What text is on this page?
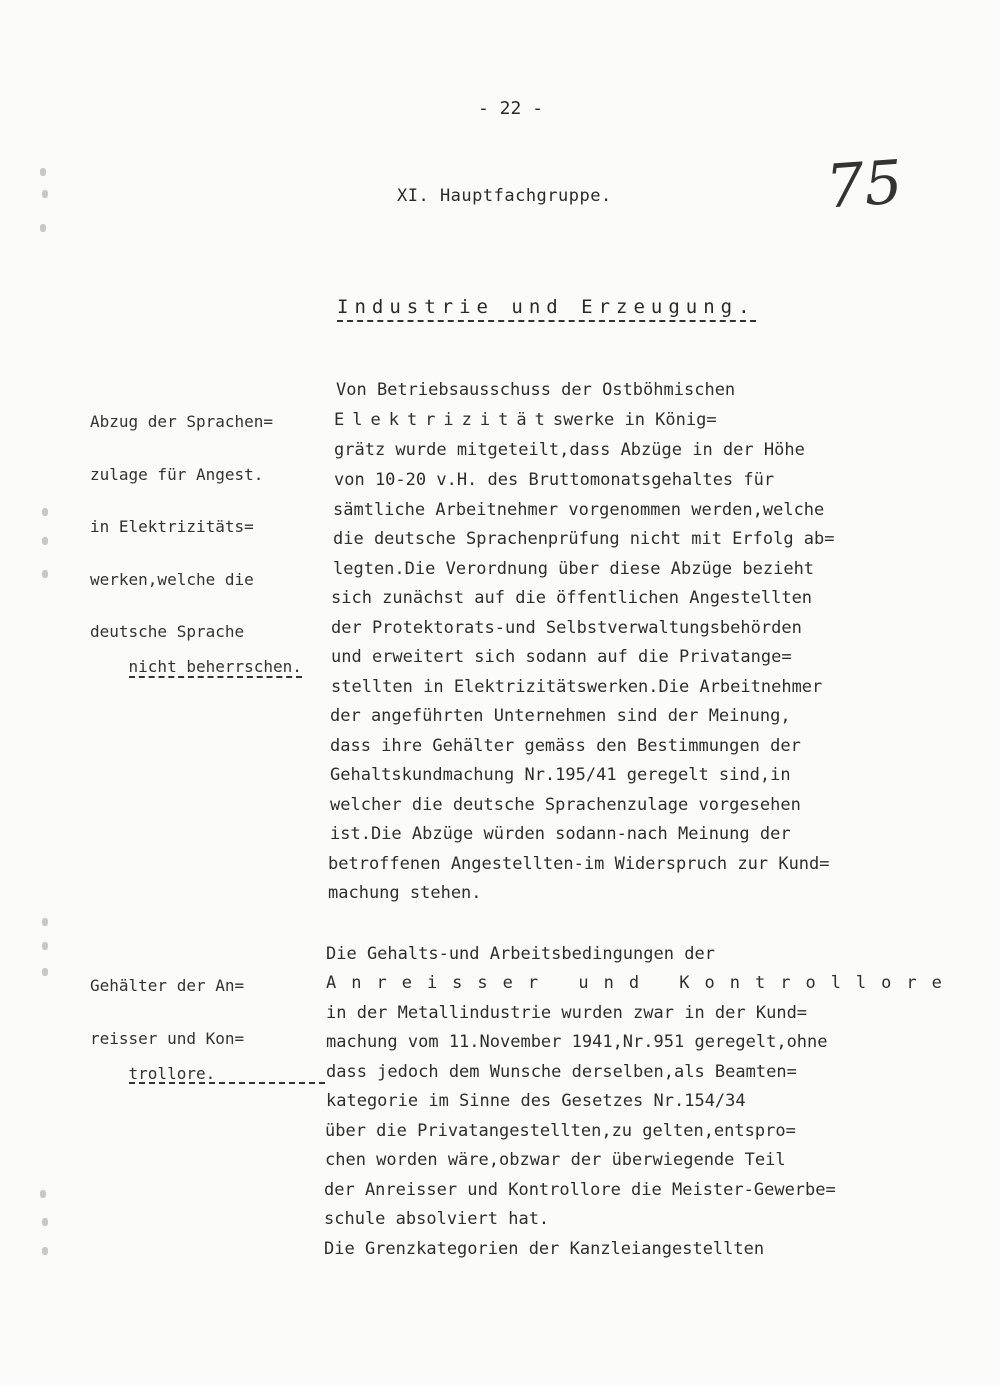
- 22 -
XI. Hauptfachgruppe.	75
Industrie und Erzeugung.

Abzug der Sprachen=

zulage für Angest.

in Elektrizitäts=

werken,welche die

deutsche Sprache

nicht beherrschen.

Von Betriebsausschuss der Ostböhmischen
Elektrizitätswerke in König=
grätz wurde mitgeteilt,dass Abzüge in der Höhe
von 10-20 v.H. des Bruttomonatsgehaltes für
sämtliche Arbeitnehmer vorgenommen werden,welche
die deutsche Sprachenprüfung nicht mit Erfolg ab=
legten.Die Verordnung über diese Abzüge bezieht
sich zunächst auf die öffentlichen Angestellten
der Protektorats-und Selbstverwaltungsbehörden
und erweitert sich sodann auf die Privatange=
stellten in Elektrizitätswerken.Die Arbeitnehmer
der angeführten Unternehmen sind der Meinung,
dass ihre Gehälter gemäss den Bestimmungen der
Gehaltskundmachung Nr.195/41 geregelt sind,in
welcher die deutsche Sprachenzulage vorgesehen
ist.Die Abzüge würden sodann-nach Meinung der
betroffenen Angestellten-im Widerspruch zur Kund=
machung stehen.

Gehälter der An=

reisser und Kon=

trollore.

Die Gehalts-und Arbeitsbedingungen der
Anreisser und Kontrollore
in der Metallindustrie wurden zwar in der Kund=
machung vom 11.November 1941,Nr.951 geregelt,ohne
dass jedoch dem Wunsche derselben,als Beamten=
kategorie im Sinne des Gesetzes Nr.154/34
über die Privatangestellten,zu gelten,entspro=
chen worden wäre,obzwar der überwiegende Teil
der Anreisser und Kontrollore die Meister-Gewerbe=
schule absolviert hat.
Die Grenzkategorien der Kanzleiangestellten
